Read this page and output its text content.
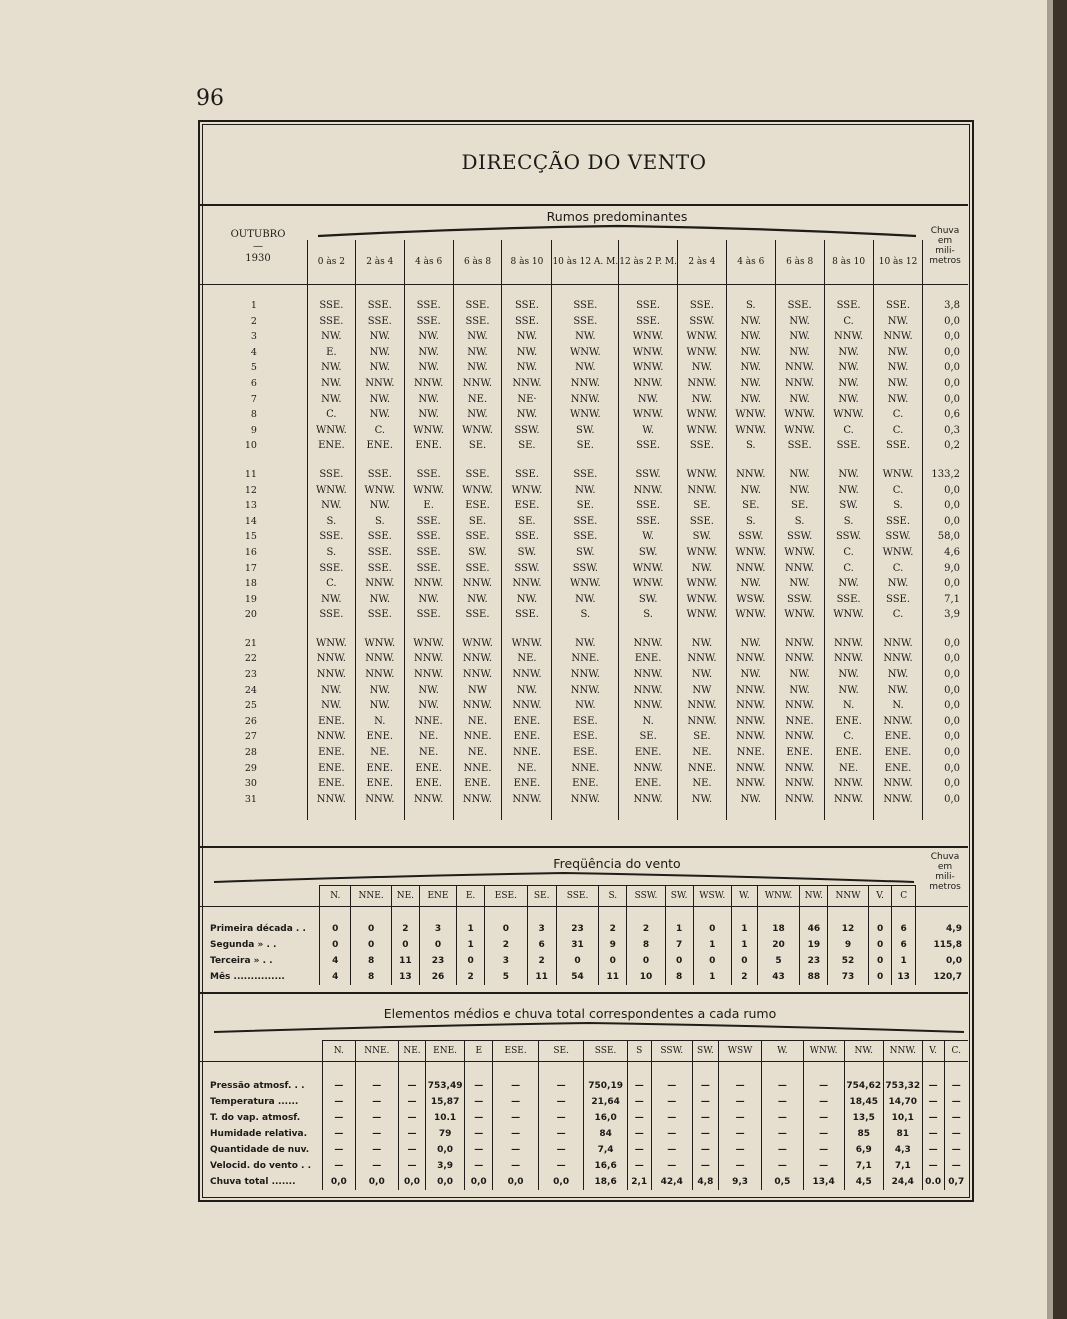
96
DIRECÇÃO DO VENTO
OUTUBRO
—
1930
Rumos predominantes
Chuva
em
mili-
metros
	0 às 2	2 às 4	4 às 6	6 às 8	8 às 10	10 às 12 A. M.	12 às 2 P. M.	2 às 4	4 às 6	6 às 8	8 às 10	10 às 12	

1	SSE.	SSE.	SSE.	SSE.	SSE.	SSE.	SSE.	SSE.	S.	SSE.	SSE.	SSE.	3,8
2	SSE.	SSE.	SSE.	SSE.	SSE.	SSE.	SSE.	SSW.	NW.	NW.	C.	NW.	0,0
3	NW.	NW.	NW.	NW.	NW.	NW.	WNW.	WNW.	NW.	NW.	NNW.	NNW.	0,0
4	E.	NW.	NW.	NW.	NW.	WNW.	WNW.	WNW.	NW.	NW.	NW.	NW.	0,0
5	NW.	NW.	NW.	NW.	NW.	NW.	WNW.	NW.	NW.	NNW.	NW.	NW.	0,0
6	NW.	NNW.	NNW.	NNW.	NNW.	NNW.	NNW.	NNW.	NW.	NNW.	NW.	NW.	0,0
7	NW.	NW.	NW.	NE.	NE·	NNW.	NW.	NW.	NW.	NW.	NW.	NW.	0,0
8	C.	NW.	NW.	NW.	NW.	WNW.	WNW.	WNW.	WNW.	WNW.	WNW.	C.	0,6
9	WNW.	C.	WNW.	WNW.	SSW.	SW.	W.	WNW.	WNW.	WNW.	C.	C.	0,3
10	ENE.	ENE.	ENE.	SE.	SE.	SE.	SSE.	SSE.	S.	SSE.	SSE.	SSE.	0,2

11	SSE.	SSE.	SSE.	SSE.	SSE.	SSE.	SSW.	WNW.	NNW.	NW.	NW.	WNW.	133,2
12	WNW.	WNW.	WNW.	WNW.	WNW.	NW.	NNW.	NNW.	NW.	NW.	NW.	C.	0,0
13	NW.	NW.	E.	ESE.	ESE.	SE.	SSE.	SE.	SE.	SE.	SW.	S.	0,0
14	S.	S.	SSE.	SE.	SE.	SSE.	SSE.	SSE.	S.	S.	S.	SSE.	0,0
15	SSE.	SSE.	SSE.	SSE.	SSE.	SSE.	W.	SW.	SSW.	SSW.	SSW.	SSW.	58,0
16	S.	SSE.	SSE.	SW.	SW.	SW.	SW.	WNW.	WNW.	WNW.	C.	WNW.	4,6
17	SSE.	SSE.	SSE.	SSE.	SSW.	SSW.	WNW.	NW.	NNW.	NNW.	C.	C.	9,0
18	C.	NNW.	NNW.	NNW.	NNW.	WNW.	WNW.	WNW.	NW.	NW.	NW.	NW.	0,0
19	NW.	NW.	NW.	NW.	NW.	NW.	SW.	WNW.	WSW.	SSW.	SSE.	SSE.	7,1
20	SSE.	SSE.	SSE.	SSE.	SSE.	S.	S.	WNW.	WNW.	WNW.	WNW.	C.	3,9

21	WNW.	WNW.	WNW.	WNW.	WNW.	NW.	NNW.	NW.	NW.	NNW.	NNW.	NNW.	0,0
22	NNW.	NNW.	NNW.	NNW.	NE.	NNE.	ENE.	NNW.	NNW.	NNW.	NNW.	NNW.	0,0
23	NNW.	NNW.	NNW.	NNW.	NNW.	NNW.	NNW.	NW.	NW.	NW.	NW.	NW.	0,0
24	NW.	NW.	NW.	NW	NW.	NNW.	NNW.	NW	NNW.	NW.	NW.	NW.	0,0
25	NW.	NW.	NW.	NNW.	NNW.	NW.	NNW.	NNW.	NNW.	NNW.	N.	N.	0,0
26	ENE.	N.	NNE.	NE.	ENE.	ESE.	N.	NNW.	NNW.	NNE.	ENE.	NNW.	0,0
27	NNW.	ENE.	NE.	NNE.	ENE.	ESE.	SE.	SE.	NNW.	NNW.	C.	ENE.	0,0
28	ENE.	NE.	NE.	NE.	NNE.	ESE.	ENE.	NE.	NNE.	ENE.	ENE.	ENE.	0,0
29	ENE.	ENE.	ENE.	NNE.	NE.	NNE.	NNW.	NNE.	NNW.	NNW.	NE.	ENE.	0,0
30	ENE.	ENE.	ENE.	ENE.	ENE.	ENE.	ENE.	NE.	NNW.	NNW.	NNW.	NNW.	0,0
31	NNW.	NNW.	NNW.	NNW.	NNW.	NNW.	NNW.	NW.	NW.	NNW.	NNW.	NNW.	0,0

Freqüência do vento	Chuva
em
mili-
metros
	N.	NNE.	NE.	ENE	E.	ESE.	SE.	SSE.	S.	SSW.	SW.	WSW.	W.	WNW.	NW.	NNW	V.	C	

Primeira década . .	0	0	2	3	1	0	3	23	2	2	1	0	1	18	46	12	0	6	4,9
Segunda » . .	0	0	0	0	1	2	6	31	9	8	7	1	1	20	19	9	0	6	115,8
Terceira » . .	4	8	11	23	0	3	2	0	0	0	0	0	0	5	23	52	0	1	0,0
Mês ...............	4	8	13	26	2	5	11	54	11	10	8	1	2	43	88	73	0	13	120,7
Elementos médios e chuva total correspondentes a cada rumo
	N.	NNE.	NE.	ENE.	E	ESE.	SE.	SSE.	S	SSW.	SW.	WSW	W.	WNW.	NW.	NNW.	V.	C.

Pressão atmosf. . .	—	—	—	753,49	—	—	—	750,19	—	—	—	—	—	—	754,62	753,32	—	—
Temperatura ......	—	—	—	15,87	—	—	—	21,64	—	—	—	—	—	—	18,45	14,70	—	—
T. do vap. atmosf.	—	—	—	10.1	—	—	—	16,0	—	—	—	—	—	—	13,5	10,1	—	—
Humidade relativa.	—	—	—	79	—	—	—	84	—	—	—	—	—	—	85	81	—	—
Quantidade de nuv.	—	—	—	0,0	—	—	—	7,4	—	—	—	—	—	—	6,9	4,3	—	—
Velocid. do vento . .	—	—	—	3,9	—	—	—	16,6	—	—	—	—	—	—	7,1	7,1	—	—
Chuva total .......	0,0	0,0	0,0	0,0	0,0	0,0	0,0	18,6	2,1	42,4	4,8	9,3	0,5	13,4	4,5	24,4	0.0	0,7
